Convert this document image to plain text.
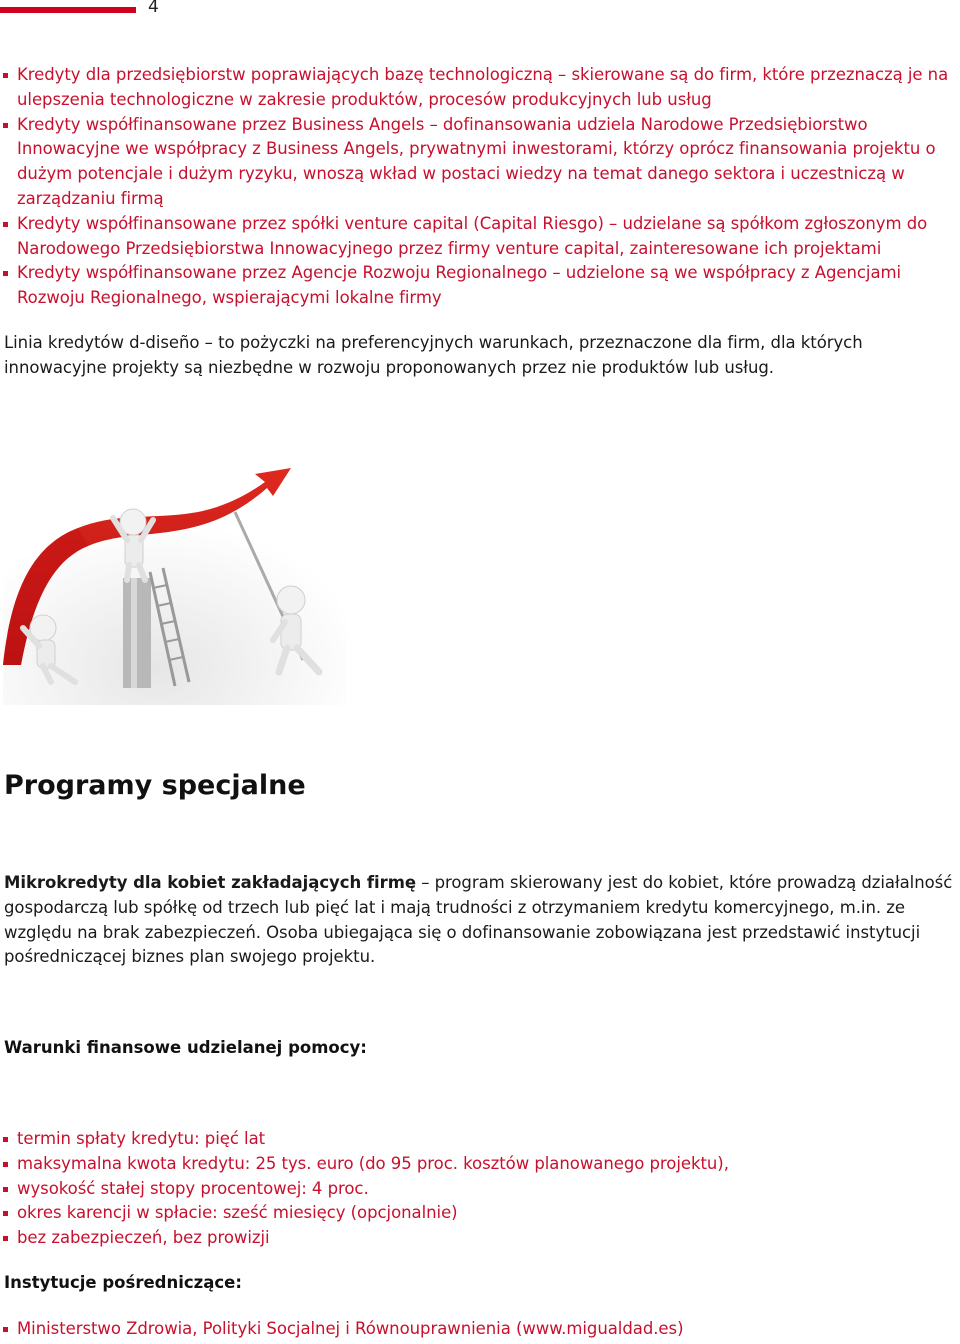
4
Kredyty dla przedsiębiorstw poprawiających bazę technologiczną – skierowane są do firm, które przeznaczą je na ulepszenia technologiczne w zakresie produktów, procesów produkcyjnych lub usług
Kredyty współfinansowane przez Business Angels – dofinansowania udziela Narodowe Przedsiębiorstwo Innowacyjne we współpracy z Business Angels, prywatnymi inwestorami, którzy oprócz finansowania projektu o dużym potencjale i dużym ryzyku, wnoszą wkład w postaci wiedzy na temat danego sektora i uczestniczą w zarządzaniu firmą
Kredyty współfinansowane przez spółki venture capital (Capital Riesgo) – udzielane są spółkom zgłoszonym do Narodowego Przedsiębiorstwa Innowacyjnego przez firmy venture capital, zainteresowane ich projektami
Kredyty współfinansowane przez Agencje Rozwoju Regionalnego – udzielone są we współpracy z Agencjami Rozwoju Regionalnego, wspierającymi lokalne firmy

Linia kredytów d-diseño – to pożyczki na preferencyjnych warunkach, przeznaczone dla firm, dla których innowacyjne projekty są niezbędne w rozwoju proponowanych przez nie produktów lub usług.

Programy specjalne

Mikrokredyty dla kobiet zakładających firmę – program skierowany jest do kobiet, które prowadzą działalność gospodarczą lub spółkę od trzech lub pięć lat i mają trudności z otrzymaniem kredytu komercyjnego, m.in. ze względu na brak zabezpieczeń. Osoba ubiegająca się o dofinansowanie zobowiązana jest przedstawić instytucji pośredniczącej biznes plan swojego projektu.

Warunki finansowe udzielanej pomocy:
termin spłaty kredytu: pięć lat
maksymalna kwota kredytu: 25 tys. euro (do 95 proc. kosztów planowanego projektu),
wysokość stałej stopy procentowej: 4 proc.
okres karencji w spłacie: sześć miesięcy (opcjonalnie)
bez zabezpieczeń, bez prowizji
Instytucje pośredniczące:
Ministerstwo Zdrowia, Polityki Socjalnej i Równouprawnienia (www.migualdad.es)
